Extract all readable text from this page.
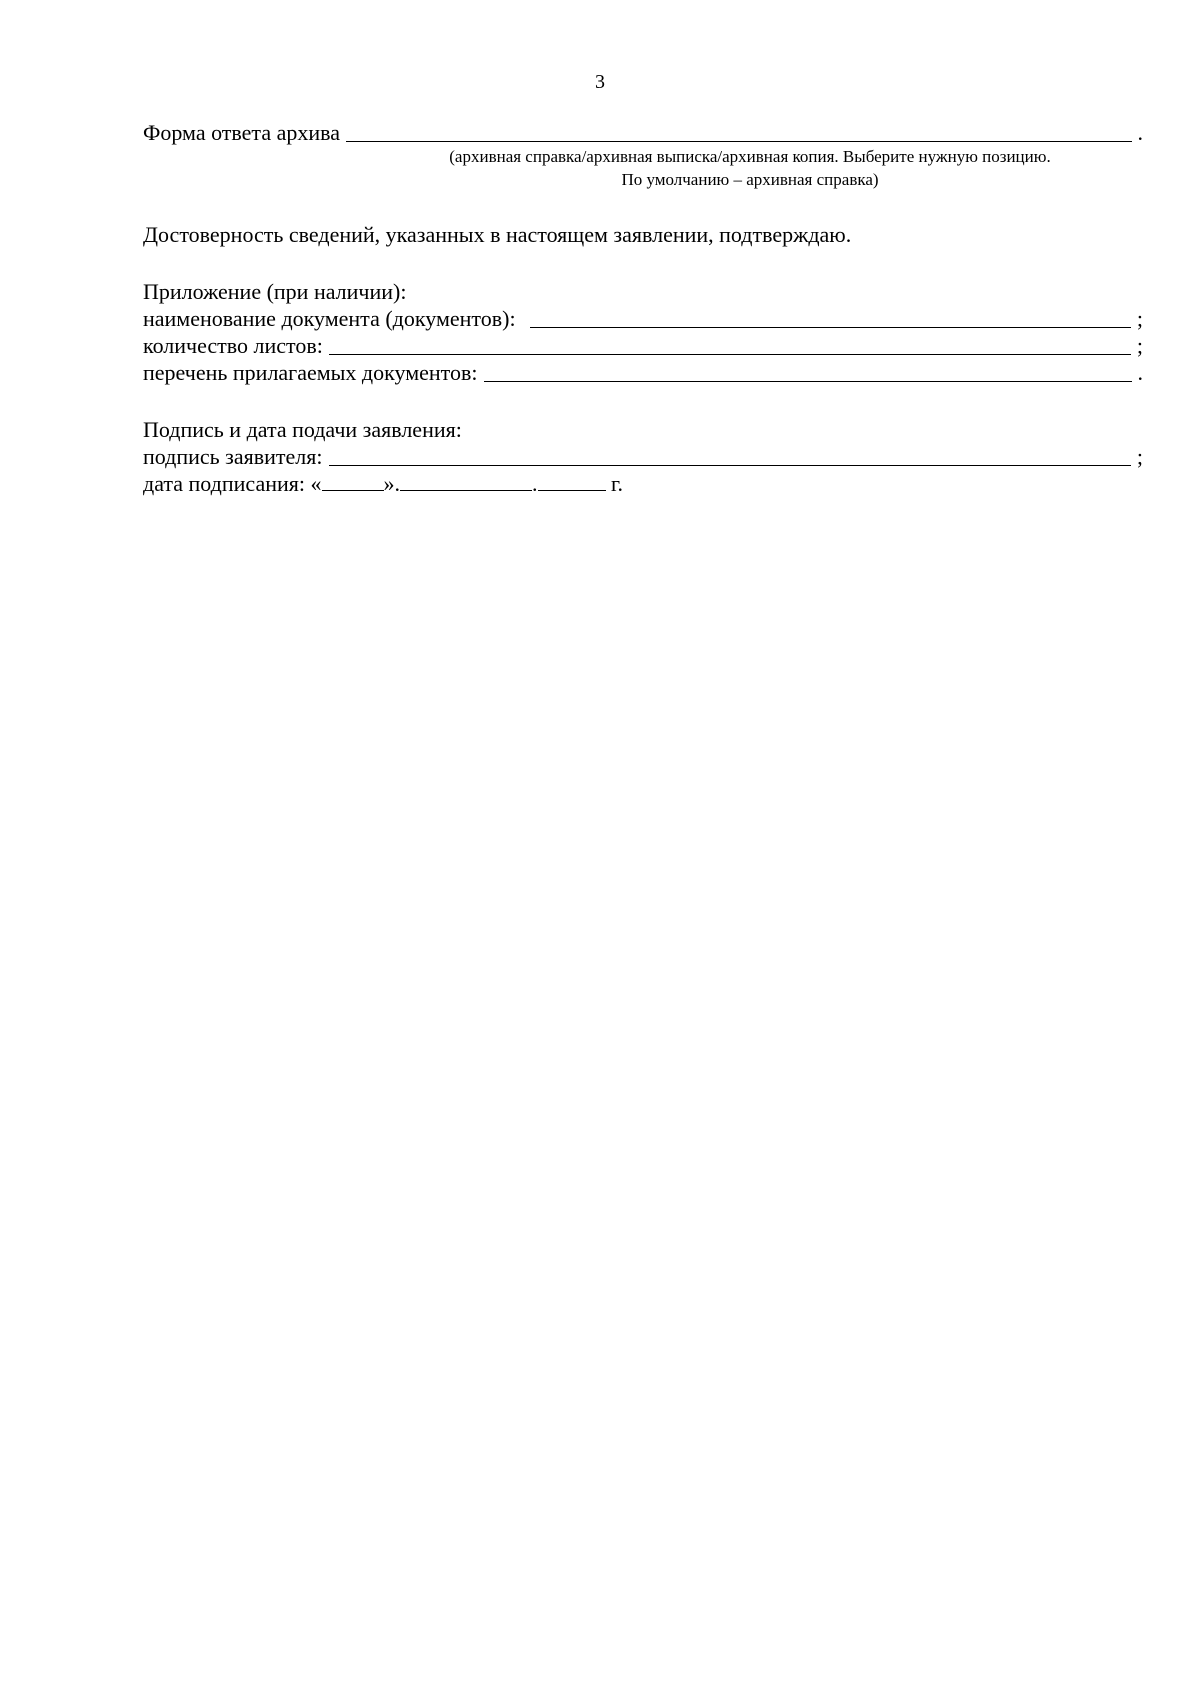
3
Форма ответа архива	.
(архивная справка/архивная выписка/архивная копия. Выберите нужную позицию.
По умолчанию – архивная справка)
Достоверность сведений, указанных в настоящем заявлении, подтверждаю.
Приложение (при наличии):
наименование документа (документов):	;
количество листов:	;
перечень прилагаемых документов:	.
Подпись и дата подачи заявления:
подпись заявителя:	;
дата подписания: «	».	.	г.
